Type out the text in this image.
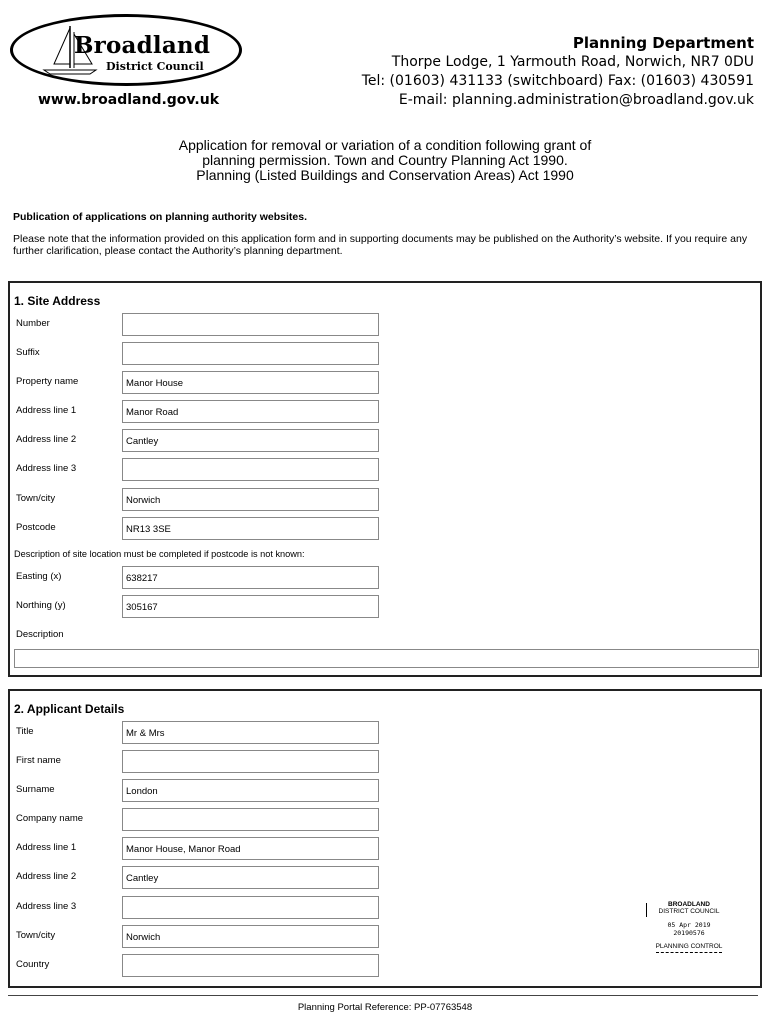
Broadland
District Council
www.broadland.gov.uk
Planning Department
Thorpe Lodge, 1 Yarmouth Road, Norwich, NR7 0DU
Tel: (01603) 431133 (switchboard) Fax: (01603) 430591
E-mail: planning.administration@broadland.gov.uk
Application for removal or variation of a condition following grant of
planning permission. Town and Country Planning Act 1990.
Planning (Listed Buildings and Conservation Areas) Act 1990
Publication of applications on planning authority websites.
Please note that the information provided on this application form and in supporting documents may be published on the Authority’s website. If you require any further clarification, please contact the Authority’s planning department.
1. Site Address
Number
Suffix
Property name	Manor House
Address line 1	Manor Road
Address line 2	Cantley
Address line 3
Town/city	Norwich
Postcode	NR13 3SE
Description of site location must be completed if postcode is not known:
Easting (x)	638217
Northing (y)	305167
Description
2. Applicant Details
Title	Mr & Mrs
First name
Surname	London
Company name
Address line 1	Manor House, Manor Road
Address line 2	Cantley
Address line 3
Town/city	Norwich
Country
BROADLAND
DISTRICT COUNCIL
05 Apr 2019
20190576
PLANNING CONTROL
Planning Portal Reference: PP-07763548
